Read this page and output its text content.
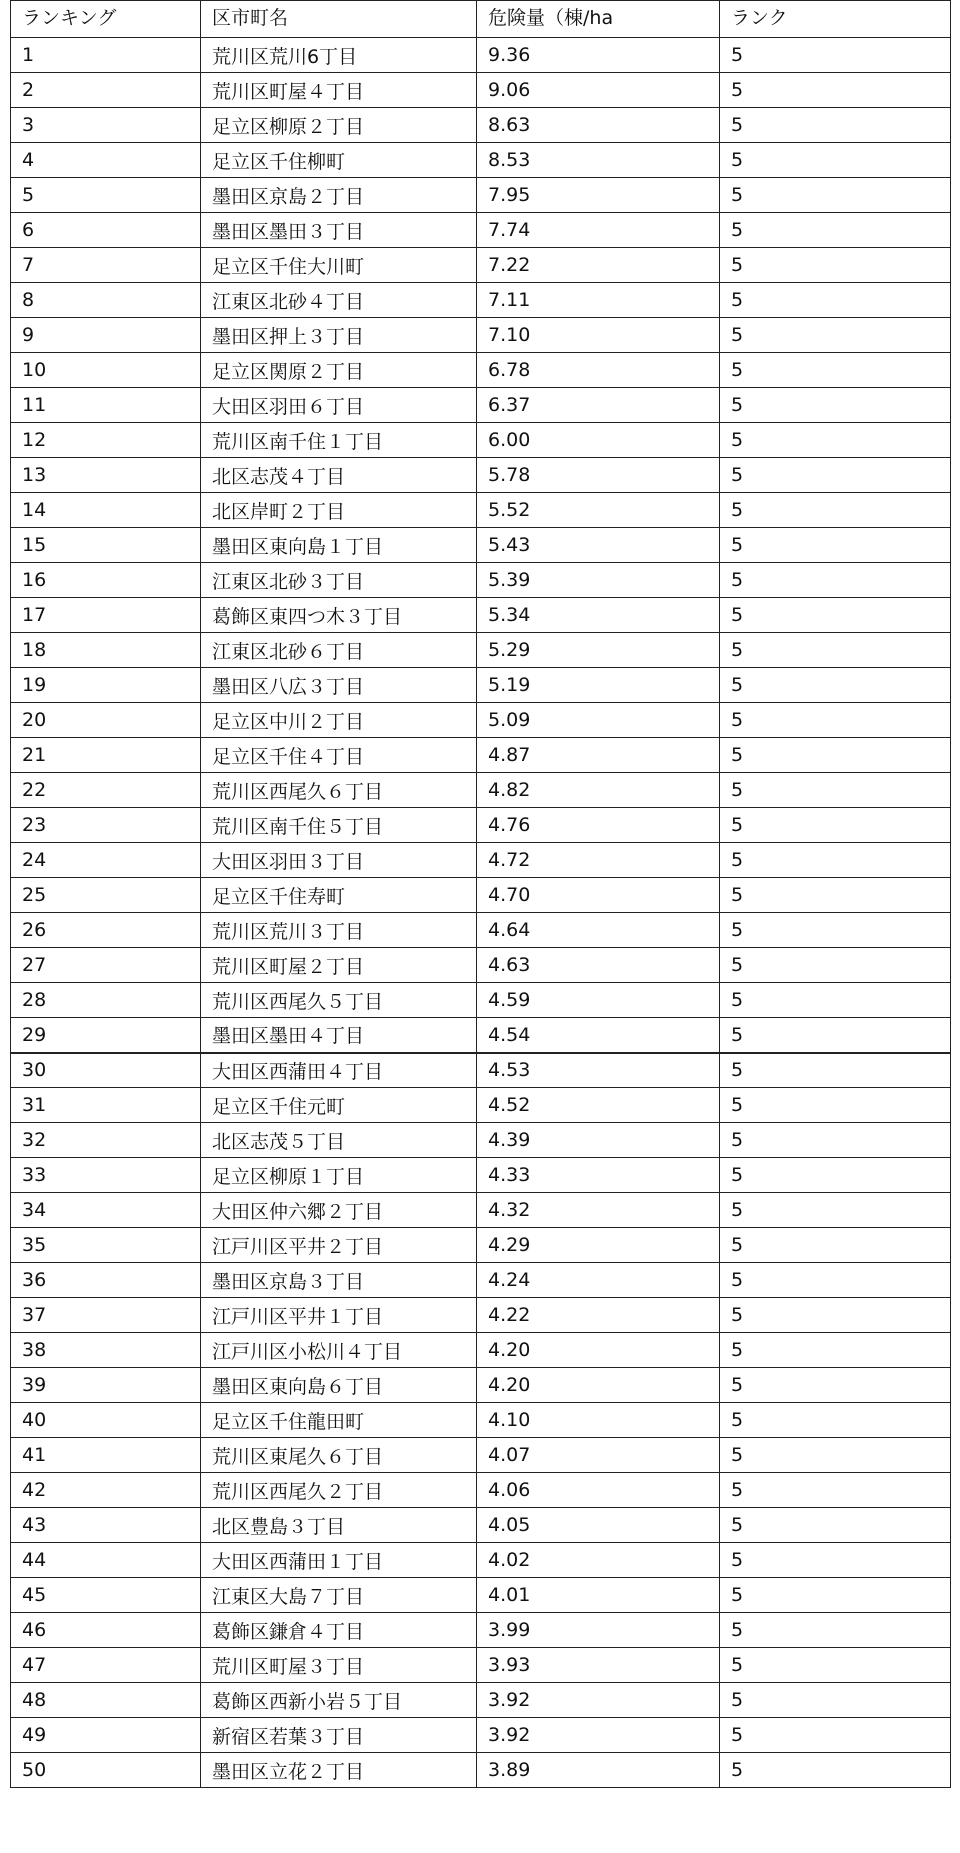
ランキング	区市町名	危険量（棟/ha	ランク
1	荒川区荒川6丁目	9.36	5
2	荒川区町屋４丁目	9.06	5
3	足立区柳原２丁目	8.63	5
4	足立区千住柳町	8.53	5
5	墨田区京島２丁目	7.95	5
6	墨田区墨田３丁目	7.74	5
7	足立区千住大川町	7.22	5
8	江東区北砂４丁目	7.11	5
9	墨田区押上３丁目	7.10	5
10	足立区関原２丁目	6.78	5
11	大田区羽田６丁目	6.37	5
12	荒川区南千住１丁目	6.00	5
13	北区志茂４丁目	5.78	5
14	北区岸町２丁目	5.52	5
15	墨田区東向島１丁目	5.43	5
16	江東区北砂３丁目	5.39	5
17	葛飾区東四つ木３丁目	5.34	5
18	江東区北砂６丁目	5.29	5
19	墨田区八広３丁目	5.19	5
20	足立区中川２丁目	5.09	5
21	足立区千住４丁目	4.87	5
22	荒川区西尾久６丁目	4.82	5
23	荒川区南千住５丁目	4.76	5
24	大田区羽田３丁目	4.72	5
25	足立区千住寿町	4.70	5
26	荒川区荒川３丁目	4.64	5
27	荒川区町屋２丁目	4.63	5
28	荒川区西尾久５丁目	4.59	5
29	墨田区墨田４丁目	4.54	5
30	大田区西蒲田４丁目	4.53	5
31	足立区千住元町	4.52	5
32	北区志茂５丁目	4.39	5
33	足立区柳原１丁目	4.33	5
34	大田区仲六郷２丁目	4.32	5
35	江戸川区平井２丁目	4.29	5
36	墨田区京島３丁目	4.24	5
37	江戸川区平井１丁目	4.22	5
38	江戸川区小松川４丁目	4.20	5
39	墨田区東向島６丁目	4.20	5
40	足立区千住龍田町	4.10	5
41	荒川区東尾久６丁目	4.07	5
42	荒川区西尾久２丁目	4.06	5
43	北区豊島３丁目	4.05	5
44	大田区西蒲田１丁目	4.02	5
45	江東区大島７丁目	4.01	5
46	葛飾区鎌倉４丁目	3.99	5
47	荒川区町屋３丁目	3.93	5
48	葛飾区西新小岩５丁目	3.92	5
49	新宿区若葉３丁目	3.92	5
50	墨田区立花２丁目	3.89	5
